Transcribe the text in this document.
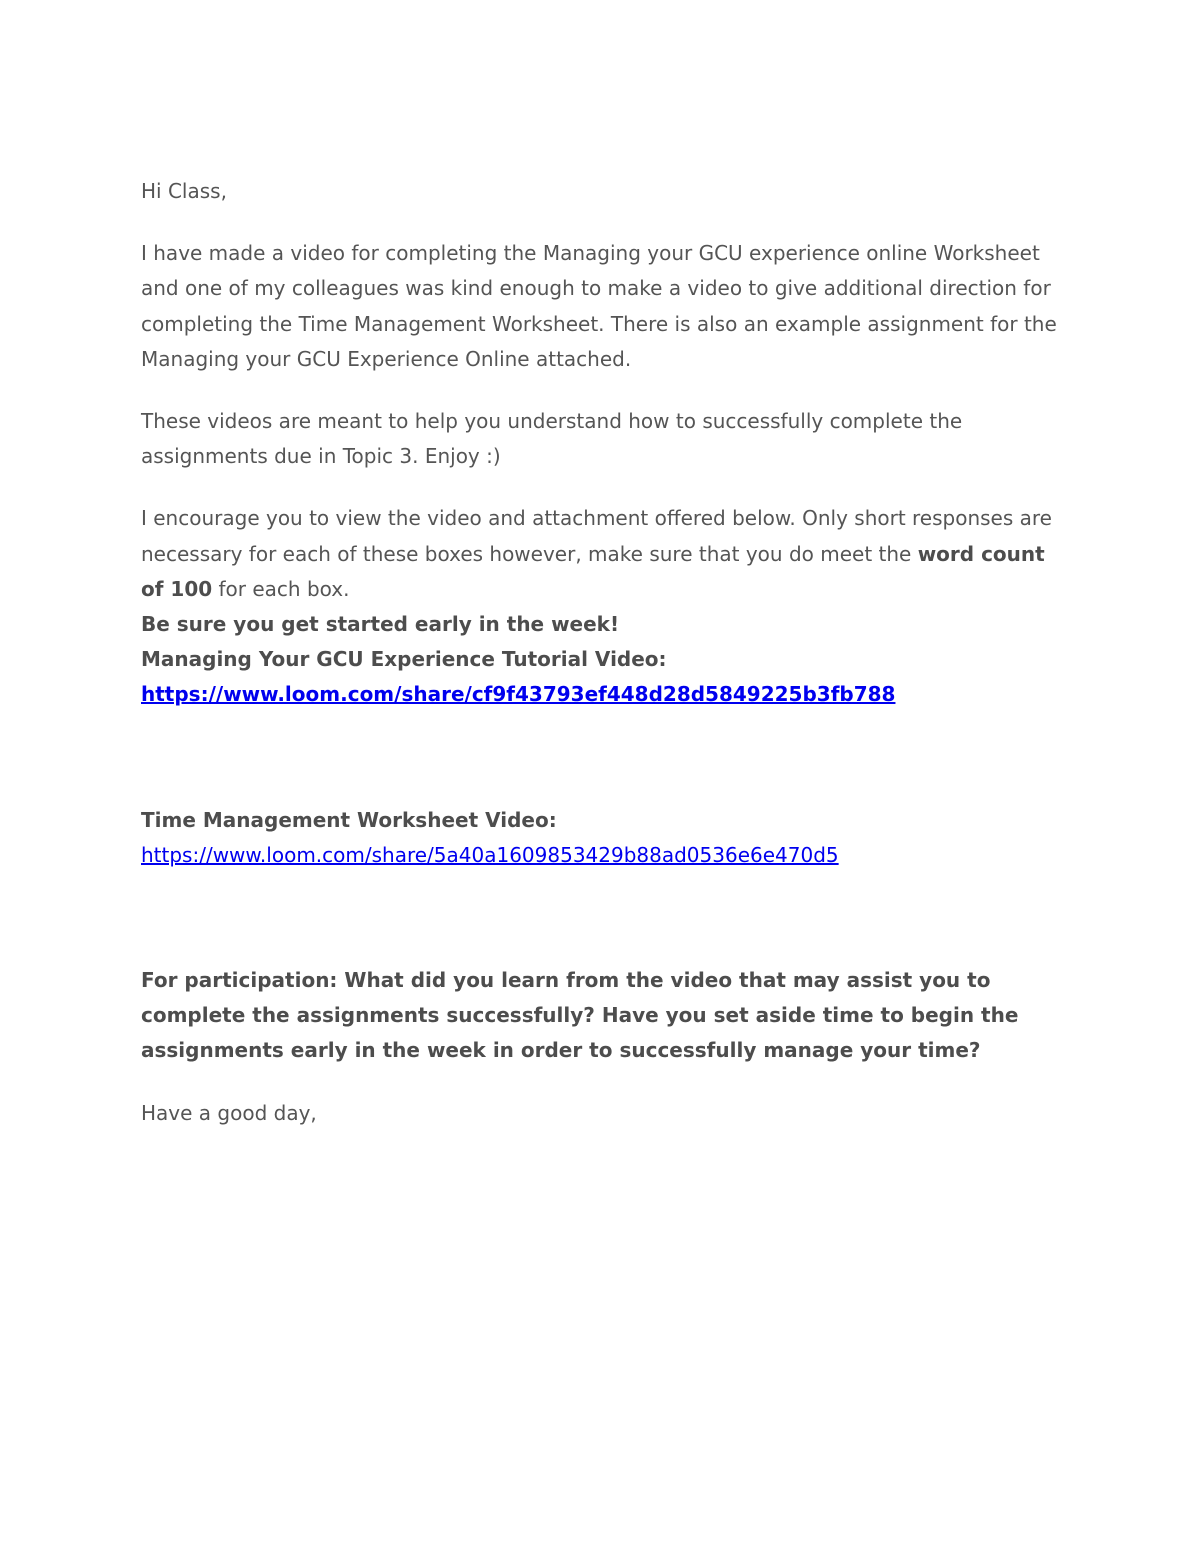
Hi Class,

I have made a video for completing the Managing your GCU experience online Worksheet and one of my colleagues was kind enough to make a video to give additional direction for completing the Time Management Worksheet. There is also an example assignment for the Managing your GCU Experience Online attached.

These videos are meant to help you understand how to successfully complete the assignments due in Topic 3. Enjoy :)

I encourage you to view the video and attachment offered below. Only short responses are necessary for each of these boxes however, make sure that you do meet the word count of 100 for each box.

Be sure you get started early in the week!

Managing Your GCU Experience Tutorial Video:

https://www.loom.com/share/cf9f43793ef448d28d5849225b3fb788

Time Management Worksheet Video:

https://www.loom.com/share/5a40a1609853429b88ad0536e6e470d5

For participation: What did you learn from the video that may assist you to complete the assignments successfully? Have you set aside time to begin the assignments early in the week in order to successfully manage your time?

Have a good day,
